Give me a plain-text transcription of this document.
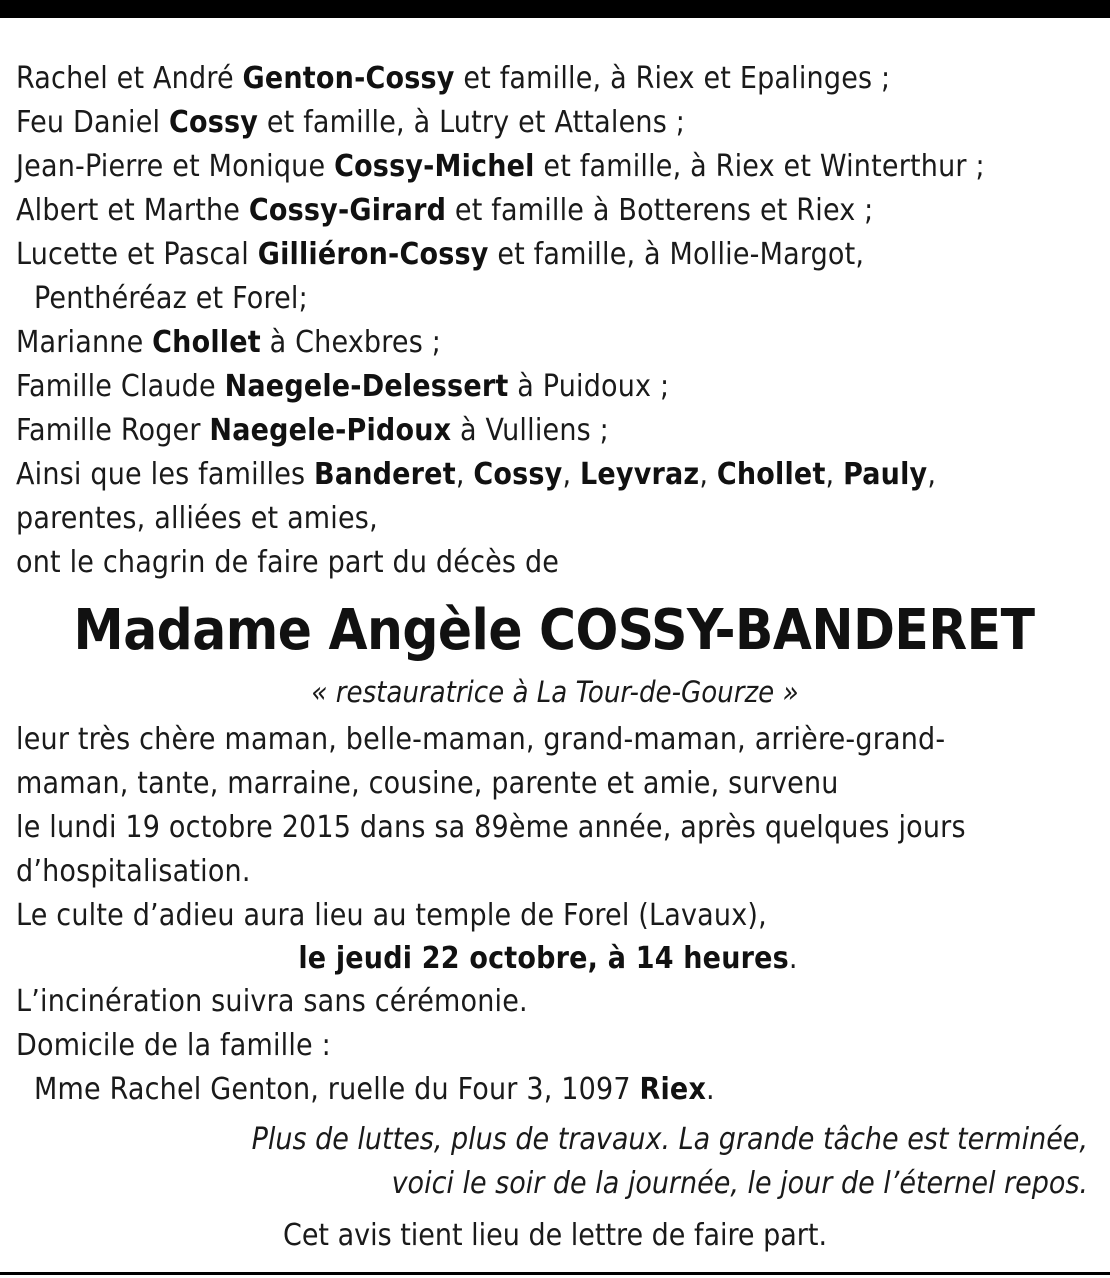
Rachel et André Genton-Cossy et famille, à Riex et Epalinges ;
Feu Daniel Cossy et famille, à Lutry et Attalens ;
Jean-Pierre et Monique Cossy-Michel et famille, à Riex et Winterthur ;
Albert et Marthe Cossy-Girard et famille à Botterens et Riex ;
Lucette et Pascal Gilliéron-Cossy et famille, à Mollie-Margot,
Penthéréaz et Forel;
Marianne Chollet à Chexbres ;
Famille Claude Naegele-Delessert à Puidoux ;
Famille Roger Naegele-Pidoux à Vulliens ;
Ainsi que les familles Banderet, Cossy, Leyvraz, Chollet, Pauly,
parentes, alliées et amies,
ont le chagrin de faire part du décès de
Madame Angèle COSSY-BANDERET
« restauratrice à La Tour-de-Gourze »
leur très chère maman, belle-maman, grand-maman, arrière-grand-
maman, tante, marraine, cousine, parente et amie, survenu
le lundi 19 octobre 2015 dans sa 89ème année, après quelques jours
d’hospitalisation.
Le culte d’adieu aura lieu au temple de Forel (Lavaux),
le jeudi 22 octobre, à 14 heures.
L’incinération suivra sans cérémonie.
Domicile de la famille :
Mme Rachel Genton, ruelle du Four 3, 1097 Riex.
Plus de luttes, plus de travaux. La grande tâche est terminée,
voici le soir de la journée, le jour de l’éternel repos.
Cet avis tient lieu de lettre de faire part.
